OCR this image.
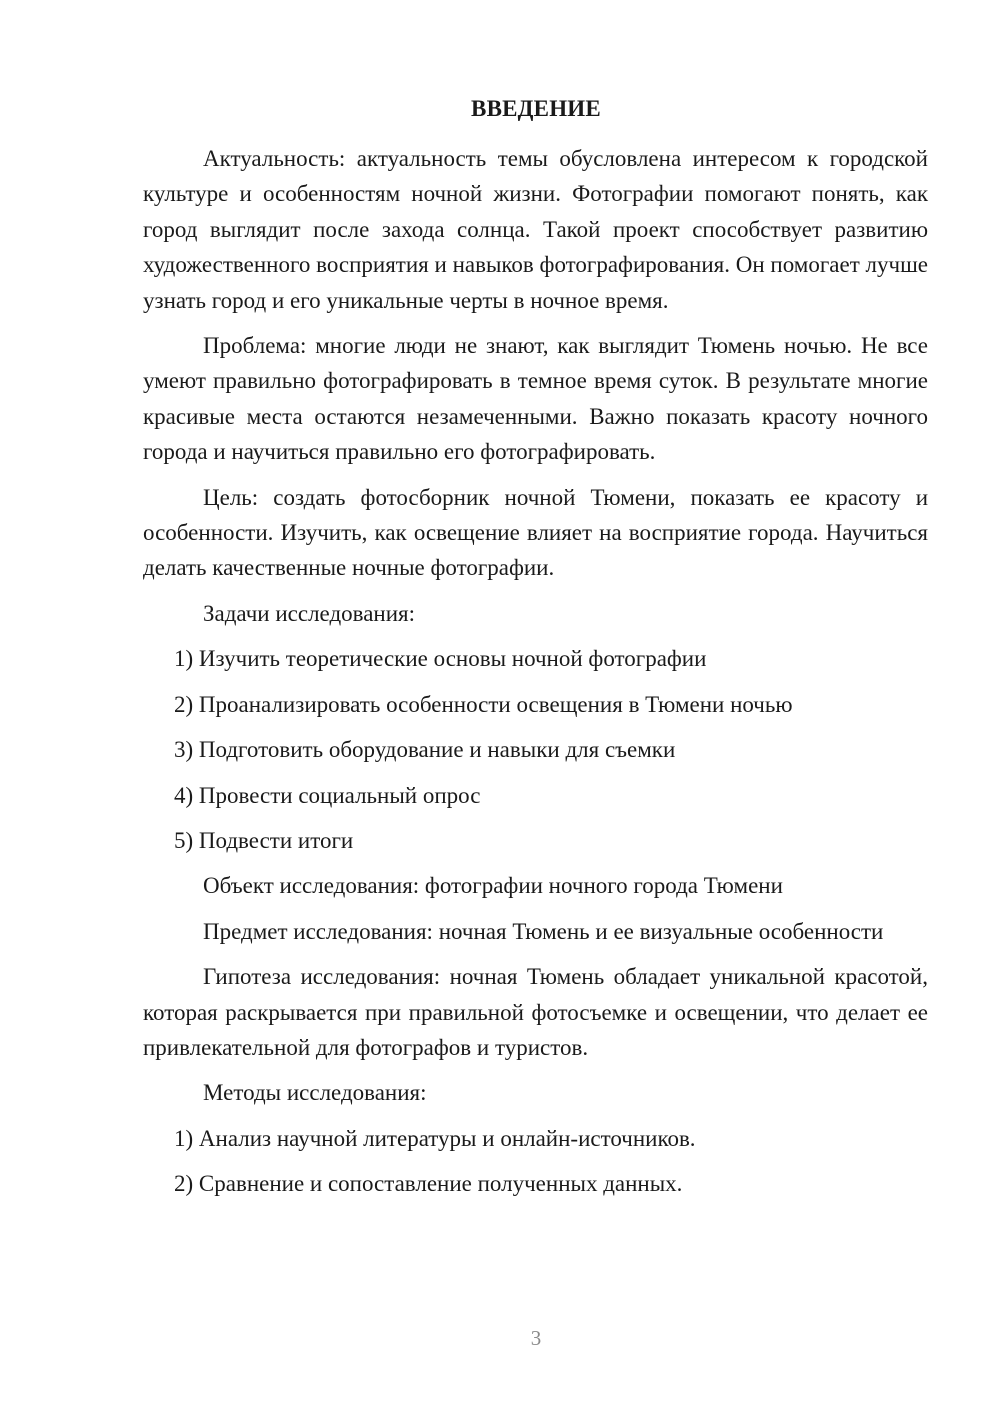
ВВЕДЕНИЕ

Актуальность: актуальность темы обусловлена интересом к городской культуре и особенностям ночной жизни. Фотографии помогают понять, как город выглядит после захода солнца. Такой проект способствует развитию художественного восприятия и навыков фотографирования. Он помогает лучше узнать город и его уникальные черты в ночное время.

Проблема: многие люди не знают, как выглядит Тюмень ночью. Не все умеют правильно фотографировать в темное время суток. В результате многие красивые места остаются незамеченными. Важно показать красоту ночного города и научиться правильно его фотографировать.

Цель: создать фотосборник ночной Тюмени, показать ее красоту и особенности. Изучить, как освещение влияет на восприятие города. Научиться делать качественные ночные фотографии.

Задачи исследования:

1) Изучить теоретические основы ночной фотографии

2) Проанализировать особенности освещения в Тюмени ночью

3) Подготовить оборудование и навыки для съемки

4) Провести социальный опрос

5) Подвести итоги

Объект исследования: фотографии ночного города Тюмени

Предмет исследования: ночная Тюмень и ее визуальные особенности

Гипотеза исследования: ночная Тюмень обладает уникальной красотой, которая раскрывается при правильной фотосъемке и освещении, что делает ее привлекательной для фотографов и туристов.

Методы исследования:

1) Анализ научной литературы и онлайн-источников.

2) Сравнение и сопоставление полученных данных.

3
